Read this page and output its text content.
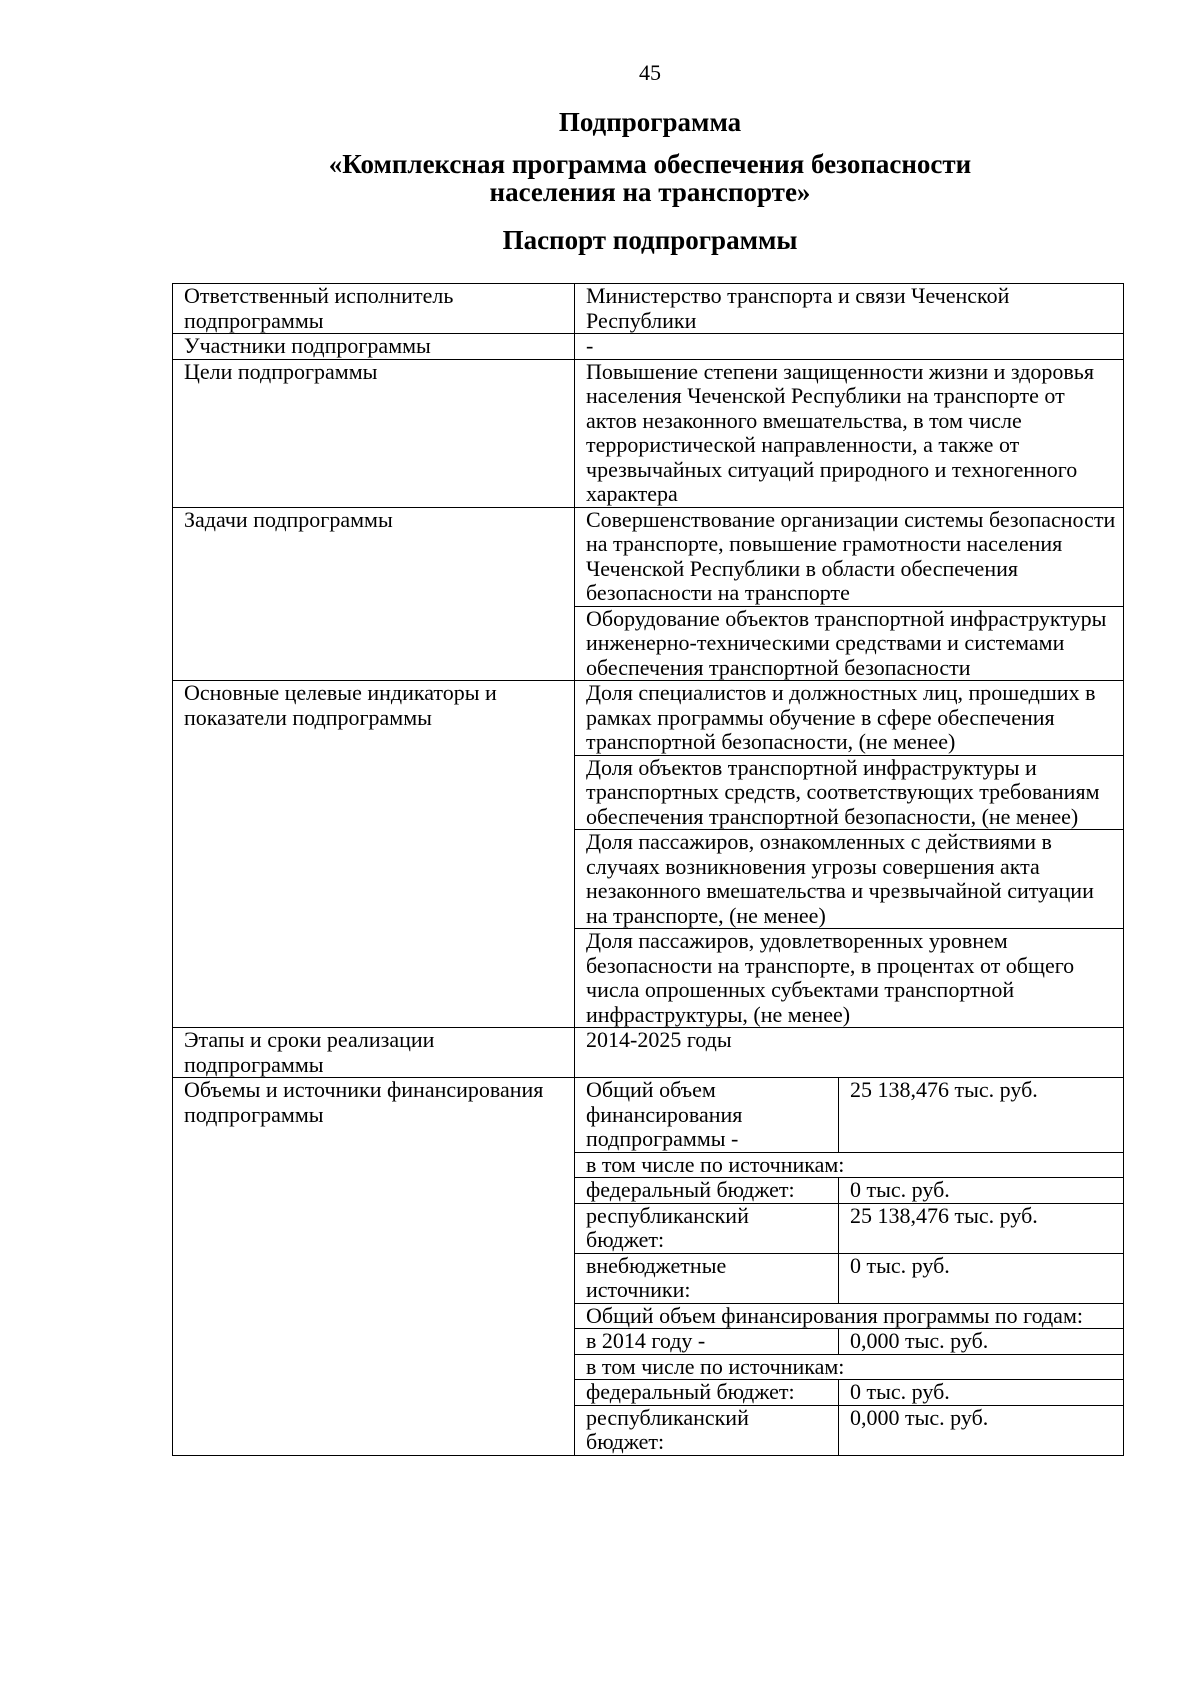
45

Подпрограмма

«Комплексная программа обеспечения безопасности

населения на транспорте»

Паспорт подпрограммы

Ответственный исполнитель подпрограммы	Министерство транспорта и связи Чеченской Республики	
Участники подпрограммы	-	
Цели подпрограммы	Повышение степени защищенности жизни и здоровья населения Чеченской Республики на транспорте от актов незаконного вмешательства, в том числе террористической направленности, а также от чрезвычайных ситуаций природного и техногенного характера	
Задачи подпрограммы	Совершенствование организации системы безопасности на транспорте, повышение грамотности населения Чеченской Республики в области обеспечения безопасности на транспорте	
	Оборудование объектов транспортной инфраструктуры инженерно-техническими средствами и системами обеспечения транспортной безопасности	
Основные целевые индикаторы и показатели подпрограммы	Доля специалистов и должностных лиц, прошедших в рамках программы обучение в сфере обеспечения транспортной безопасности, (не менее)	
	Доля объектов транспортной инфраструктуры и транспортных средств, соответствующих требованиям обеспечения транспортной безопасности, (не менее)	
	Доля пассажиров, ознакомленных с действиями в случаях возникновения угрозы совершения акта незаконного вмешательства и чрезвычайной ситуации на транспорте, (не менее)	
	Доля пассажиров, удовлетворенных уровнем безопасности на транспорте, в процентах от общего числа опрошенных субъектами транспортной инфраструктуры, (не менее)	
Этапы и сроки реализации подпрограммы	2014-2025 годы	
Объемы и источники финансирования подпрограммы	Общий объем финансирования подпрограммы -	25 138,476 тыс. руб.
	в том числе по источникам:	
	федеральный бюджет:	0 тыс. руб.
	республиканский бюджет:	25 138,476 тыс. руб.
	внебюджетные источники:	0 тыс. руб.
	Общий объем финансирования программы по годам:	
	в 2014 году -	0,000 тыс. руб.
	в том числе по источникам:	
	федеральный бюджет:	0 тыс. руб.
	республиканский бюджет:	0,000 тыс. руб.
